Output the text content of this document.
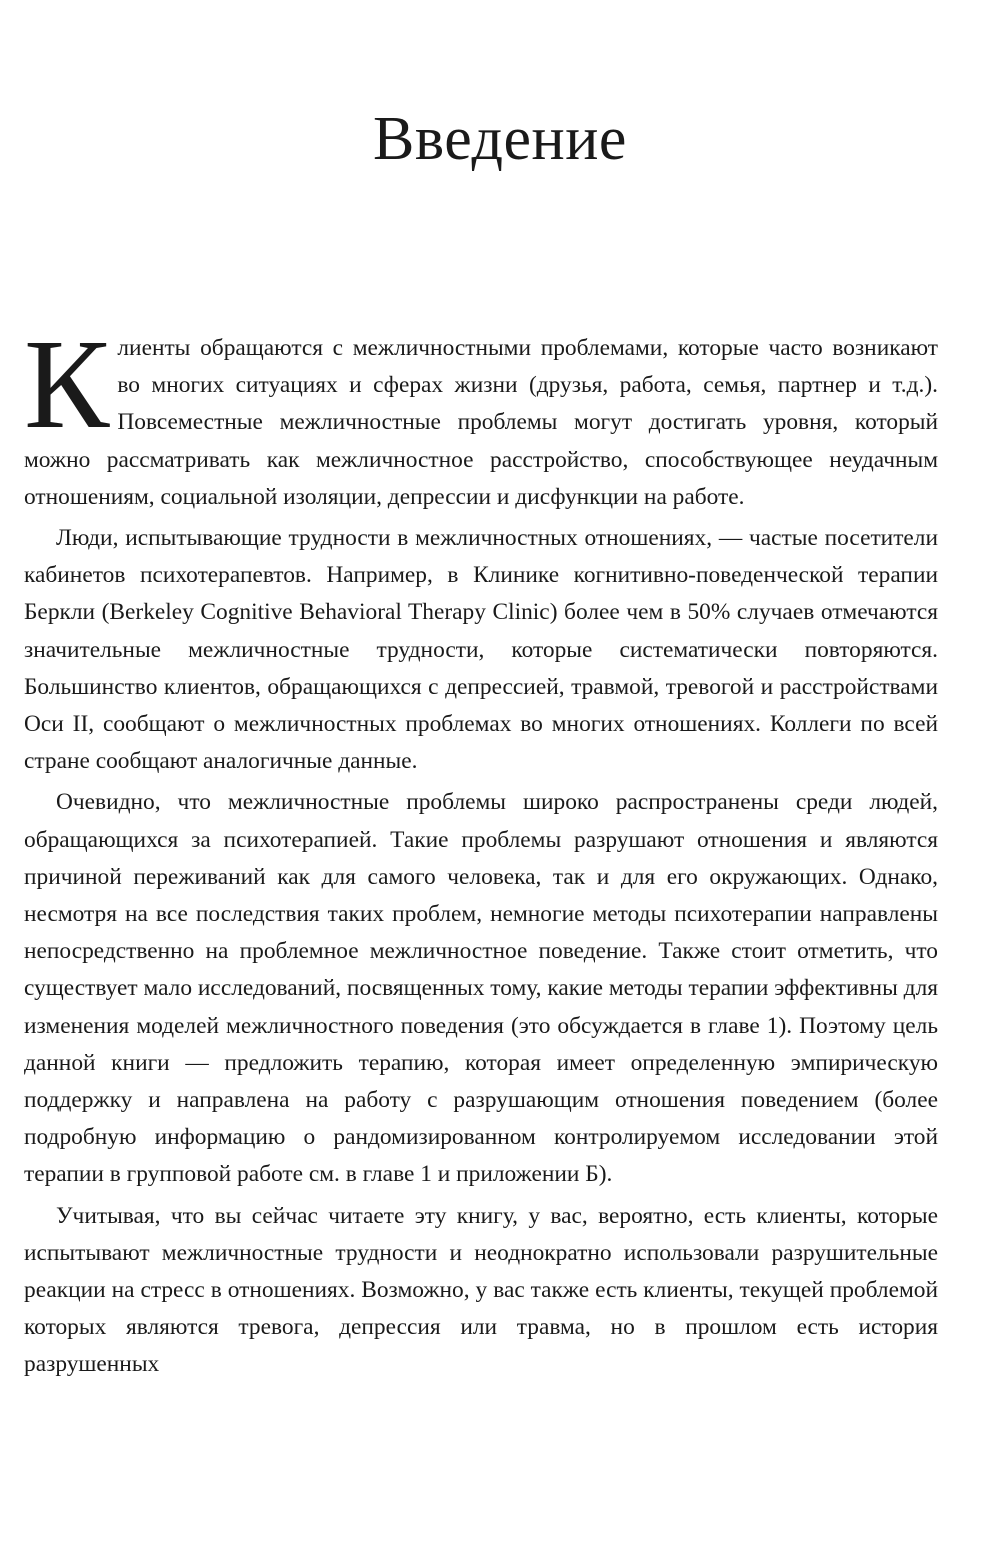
Введение

Клиенты обращаются с межличностными проблемами, которые часто возникают во многих ситуациях и сферах жизни (друзья, работа, семья, партнер и т.д.). Повсеместные межличностные проблемы могут достигать уровня, который можно рассматривать как межличностное расстройство, способствующее неудачным отношениям, социальной изоляции, депрессии и дисфункции на работе.

Люди, испытывающие трудности в межличностных отношениях, — частые посетители кабинетов психотерапевтов. Например, в Клинике когнитивно-поведенческой терапии Беркли (Berkeley Cognitive Behavioral Therapy Clinic) более чем в 50% случаев отмечаются значительные межличностные трудности, которые систематически повторяются. Большинство клиентов, обращающихся с депрессией, травмой, тревогой и расстройствами Оси II, сообщают о межличностных проблемах во многих отношениях. Коллеги по всей стране сообщают аналогичные данные.

Очевидно, что межличностные проблемы широко распространены среди людей, обращающихся за психотерапией. Такие проблемы разрушают отношения и являются причиной переживаний как для самого человека, так и для его окружающих. Однако, несмотря на все последствия таких проблем, немногие методы психотерапии направлены непосредственно на проблемное межличностное поведение. Также стоит отметить, что существует мало исследований, посвященных тому, какие методы терапии эффективны для изменения моделей межличностного поведения (это обсуждается в главе 1). Поэтому цель данной книги — предложить терапию, которая имеет определенную эмпирическую поддержку и направлена на работу с разрушающим отношения поведением (более подробную информацию о рандомизированном контролируемом исследовании этой терапии в групповой работе см. в главе 1 и приложении Б).

Учитывая, что вы сейчас читаете эту книгу, у вас, вероятно, есть клиенты, которые испытывают межличностные трудности и неоднократно использовали разрушительные реакции на стресс в отношениях. Возможно, у вас также есть клиенты, текущей проблемой которых являются тревога, депрессия или травма, но в прошлом есть история разрушенных
